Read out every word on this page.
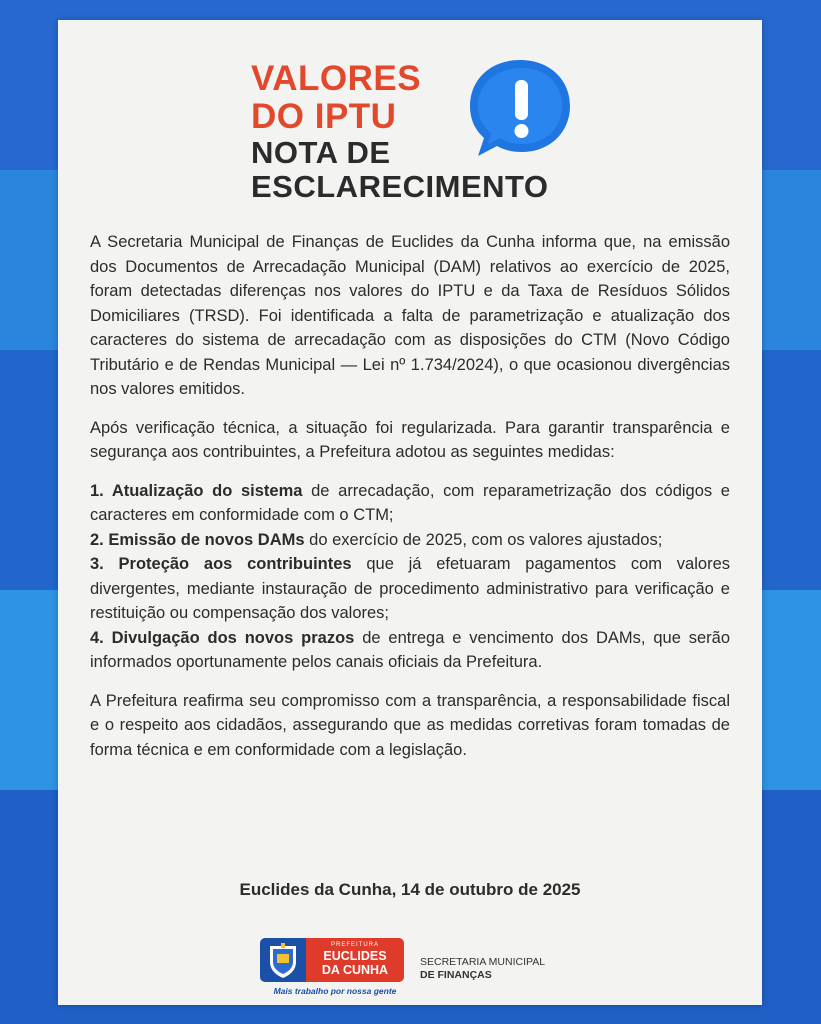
VALORES
DO IPTU
NOTA DE
ESCLARECIMENTO

A Secretaria Municipal de Finanças de Euclides da Cunha informa que, na emissão dos Documentos de Arrecadação Municipal (DAM) relativos ao exercício de 2025, foram detectadas diferenças nos valores do IPTU e da Taxa de Resíduos Sólidos Domiciliares (TRSD). Foi identificada a falta de parametrização e atualização dos caracteres do sistema de arrecadação com as disposições do CTM (Novo Código Tributário e de Rendas Municipal — Lei nº 1.734/2024), o que ocasionou divergências nos valores emitidos.

Após verificação técnica, a situação foi regularizada. Para garantir transparência e segurança aos contribuintes, a Prefeitura adotou as seguintes medidas:

1. Atualização do sistema de arrecadação, com reparametrização dos códigos e caracteres em conformidade com o CTM;
2. Emissão de novos DAMs do exercício de 2025, com os valores ajustados;
3. Proteção aos contribuintes que já efetuaram pagamentos com valores divergentes, mediante instauração de procedimento administrativo para verificação e restituição ou compensação dos valores;
4. Divulgação dos novos prazos de entrega e vencimento dos DAMs, que serão informados oportunamente pelos canais oficiais da Prefeitura.

A Prefeitura reafirma seu compromisso com a transparência, a responsabilidade fiscal e o respeito aos cidadãos, assegurando que as medidas corretivas foram tomadas de forma técnica e em conformidade com a legislação.

Euclides da Cunha, 14 de outubro de 2025
PREFEITURA
EUCLIDES
DA CUNHA
Mais trabalho por nossa gente
SECRETARIA MUNICIPAL
DE FINANÇAS
